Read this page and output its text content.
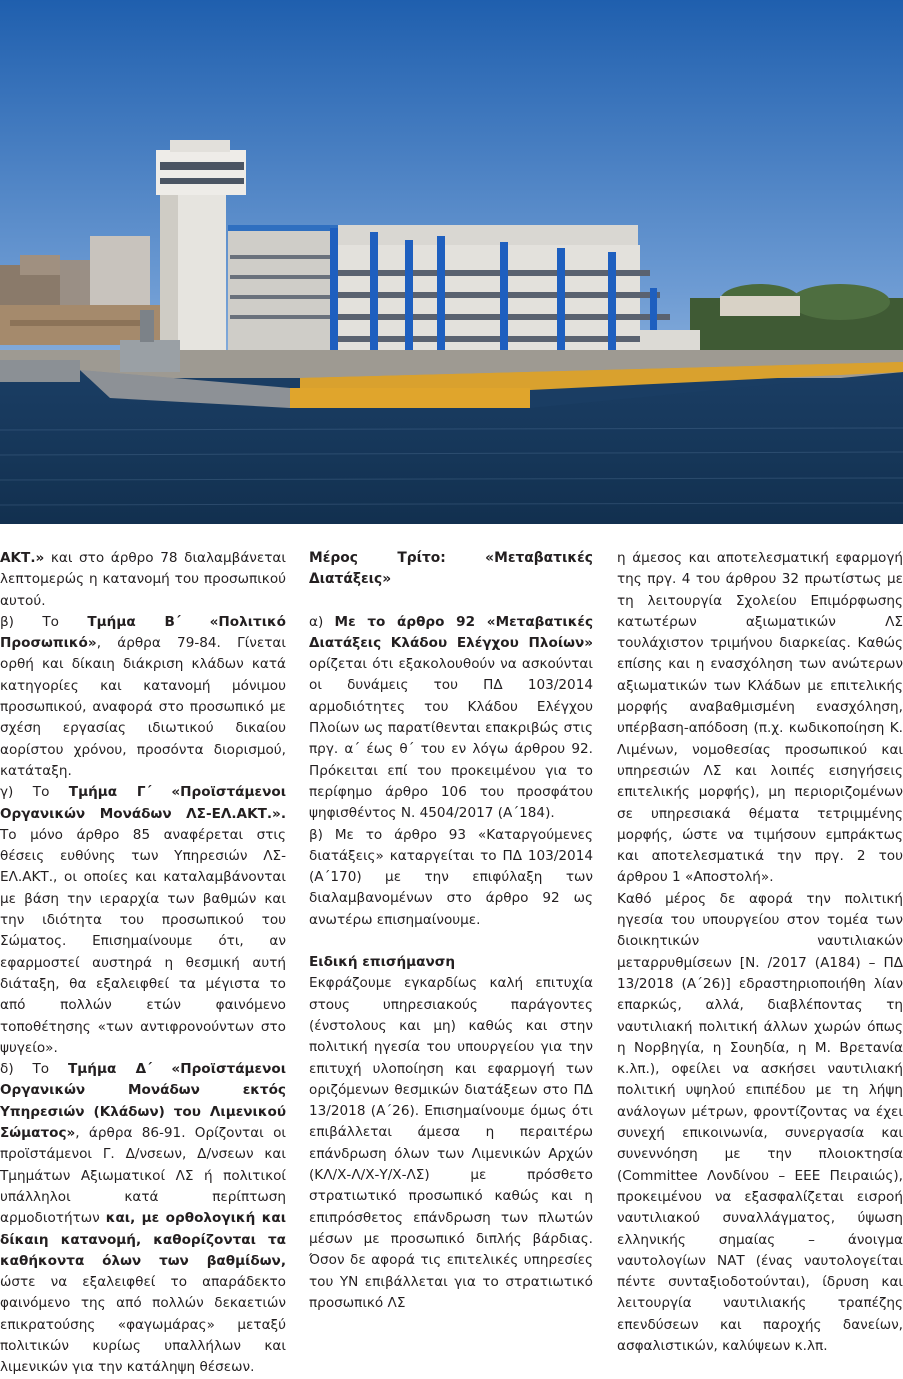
ΑΚΤ.» και στο άρθρο 78 διαλαμβάνεται λεπτομερώς η κατανομή του προσωπικού αυτού.

β) Το Τμήμα Β΄ «Πολιτικό Προσωπικό», άρθρα 79-84. Γίνεται ορθή και δίκαιη διάκριση κλάδων κατά κατηγορίες και κατανομή μόνιμου προσωπικού, αναφορά στο προσωπικό με σχέση εργασίας ιδιωτικού δικαίου αορίστου χρόνου, προσόντα διορισμού, κατάταξη.

γ) Το Τμήμα Γ΄ «Προϊστάμενοι Οργανικών Μονάδων ΛΣ-ΕΛ.ΑΚΤ.». Το μόνο άρθρο 85 αναφέρεται στις θέσεις ευθύνης των Υπηρεσιών ΛΣ-ΕΛ.ΑΚΤ., οι οποίες και καταλαμβάνονται με βάση την ιεραρχία των βαθμών και την ιδιότητα του προσωπικού του Σώματος. Επισημαίνουμε ότι, αν εφαρμοστεί αυστηρά η θεσμική αυτή διάταξη, θα εξαλειφθεί τα μέγιστα το από πολλών ετών φαινόμενο τοποθέτησης «των αντιφρονούντων στο ψυγείο».

δ) Το Τμήμα Δ΄ «Προϊστάμενοι Οργανικών Μονάδων εκτός Υπηρεσιών (Κλάδων) του Λιμενικού Σώματος», άρθρα 86-91. Ορίζονται οι προϊστάμενοι Γ. Δ/νσεων, Δ/νσεων και Τμημάτων Αξιωματικοί ΛΣ ή πολιτικοί υπάλληλοι κατά περίπτωση αρμοδιοτήτων και, με ορθολογική και δίκαιη κατανομή, καθορίζονται τα καθήκοντα όλων των βαθμίδων, ώστε να εξαλειφθεί το απαράδεκτο φαινόμενο της από πολλών δεκαετιών επικρατούσης «φαγωμάρας» μεταξύ πολιτικών κυρίως υπαλλήλων και λιμενικών για την κατάληψη θέσεων.

Μέρος Τρίτο: «Μεταβατικές Διατάξεις»

α) Με το άρθρο 92 «Μεταβατικές Διατάξεις Κλάδου Ελέγχου Πλοίων» ορίζεται ότι εξακολουθούν να ασκούνται οι δυνάμεις του ΠΔ 103/2014 αρμοδιότητες του Κλάδου Ελέγχου Πλοίων ως παρατίθενται επακριβώς στις πργ. α΄ έως θ΄ του εν λόγω άρθρου 92. Πρόκειται επί του προκειμένου για το περίφημο άρθρο 106 του προσφάτου ψηφισθέντος Ν. 4504/2017 (Α΄184).

β) Με το άρθρο 93 «Καταργούμενες διατάξεις» καταργείται το ΠΔ 103/2014 (Α΄170) με την επιφύλαξη των διαλαμβανομένων στο άρθρο 92 ως ανωτέρω επισημαίνουμε.

Ειδική επισήμανση

Εκφράζουμε εγκαρδίως καλή επιτυχία στους υπηρεσιακούς παράγοντες (ένστολους και μη) καθώς και στην πολιτική ηγεσία του υπουργείου για την επιτυχή υλοποίηση και εφαρμογή των οριζόμενων θεσμικών διατάξεων στο ΠΔ 13/2018 (Α΄26). Επισημαίνουμε όμως ότι επιβάλλεται άμεσα η περαιτέρω επάνδρωση όλων των Λιμενικών Αρχών (ΚΛ/Χ-Λ/Χ-Υ/Χ-ΛΣ) με πρόσθετο στρατιωτικό προσωπικό καθώς και η επιπρόσθετος επάνδρωση των πλωτών μέσων με προσωπικό διπλής βάρδιας. Όσον δε αφορά τις επιτελικές υπηρεσίες του ΥΝ επιβάλλεται για το στρατιωτικό προσωπικό ΛΣ

η άμεσος και αποτελεσματική εφαρμογή της πργ. 4 του άρθρου 32 πρωτίστως με τη λειτουργία Σχολείου Επιμόρφωσης κατωτέρων αξιωματικών ΛΣ τουλάχιστον τριμήνου διαρκείας. Καθώς επίσης και η ενασχόληση των ανώτερων αξιωματικών των Κλάδων με επιτελικής μορφής αναβαθμισμένη ενασχόληση, υπέρβαση-απόδοση (π.χ. κωδικοποίηση Κ. Λιμένων, νομοθεσίας προσωπικού και υπηρεσιών ΛΣ και λοιπές εισηγήσεις επιτελικής μορφής), μη περιοριζομένων σε υπηρεσιακά θέματα τετριμμένης μορφής, ώστε να τιμήσουν εμπράκτως και αποτελεσματικά την πργ. 2 του άρθρου 1 «Αποστολή».

Καθό μέρος δε αφορά την πολιτική ηγεσία του υπουργείου στον τομέα των διοικητικών ναυτιλιακών μεταρρυθμίσεων [Ν. /2017 (Α184) – ΠΔ 13/2018 (Α΄26)] εδραστηριοποιήθη λίαν επαρκώς, αλλά, διαβλέποντας τη ναυτιλιακή πολιτική άλλων χωρών όπως η Νορβηγία, η Σουηδία, η Μ. Βρετανία κ.λπ.), οφείλει να ασκήσει ναυτιλιακή πολιτική υψηλού επιπέδου με τη λήψη ανάλογων μέτρων, φροντίζοντας να έχει συνεχή επικοινωνία, συνεργασία και συνεννόηση με την πλοιοκτησία (Committee Λονδίνου – ΕΕΕ Πειραιώς), προκειμένου να εξασφαλίζεται εισροή ναυτιλιακού συναλλάγματος, ύψωση ελληνικής σημαίας – άνοιγμα ναυτολογίων ΝΑΤ (ένας ναυτολογείται πέντε συνταξιοδοτούνται), ίδρυση και λειτουργία ναυτιλιακής τραπέζης επενδύσεων και παροχής δανείων, ασφαλιστικών, καλύψεων κ.λπ.
